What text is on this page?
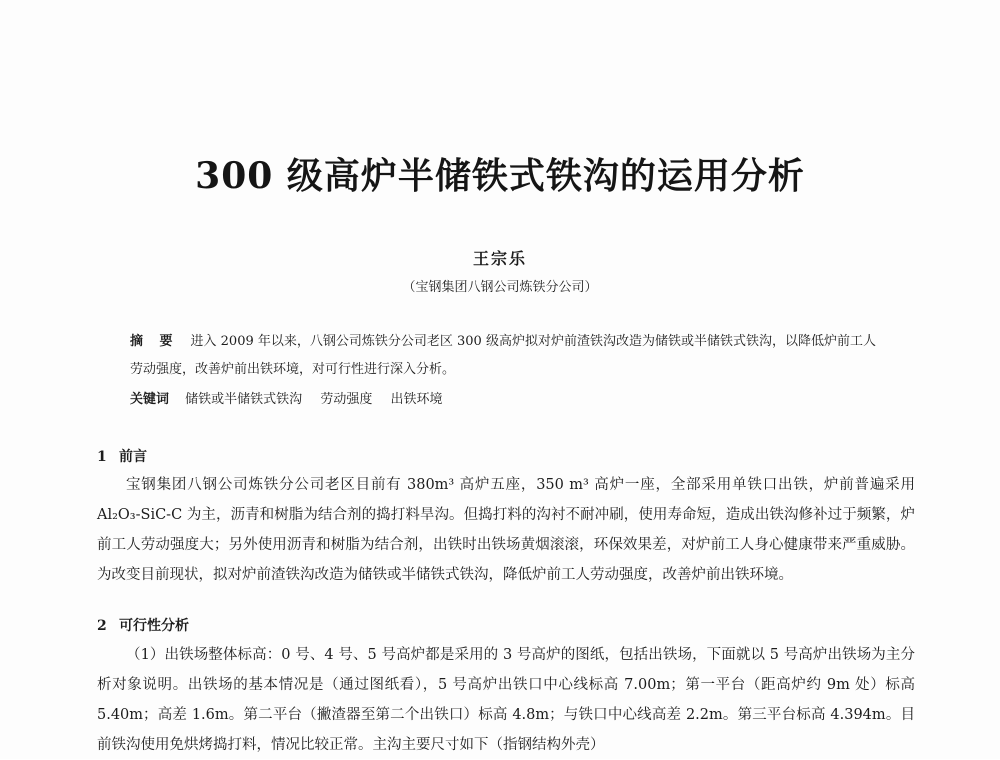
300 级高炉半储铁式铁沟的运用分析
王宗乐
（宝钢集团八钢公司炼铁分公司）
摘 要 进入 2009 年以来，八钢公司炼铁分公司老区 300 级高炉拟对炉前渣铁沟改造为储铁或半储铁式铁沟，以降低炉前工人劳动强度，改善炉前出铁环境，对可行性进行深入分析。
关键词 储铁或半储铁式铁沟 劳动强度 出铁环境
1 前言
宝钢集团八钢公司炼铁分公司老区目前有 380m³ 高炉五座，350 m³ 高炉一座，全部采用单铁口出铁，炉前普遍采用 Al₂O₃-SiC-C 为主，沥青和树脂为结合剂的捣打料旱沟。但捣打料的沟衬不耐冲刷，使用寿命短，造成出铁沟修补过于频繁，炉前工人劳动强度大；另外使用沥青和树脂为结合剂，出铁时出铁场黄烟滚滚，环保效果差，对炉前工人身心健康带来严重威胁。为改变目前现状，拟对炉前渣铁沟改造为储铁或半储铁式铁沟，降低炉前工人劳动强度，改善炉前出铁环境。
2 可行性分析
（1）出铁场整体标高：0 号、4 号、5 号高炉都是采用的 3 号高炉的图纸，包括出铁场，下面就以 5 号高炉出铁场为主分析对象说明。出铁场的基本情况是（通过图纸看），5 号高炉出铁口中心线标高 7.00m；第一平台（距高炉约 9m 处）标高 5.40m；高差 1.6m。第二平台（撇渣器至第二个出铁口）标高 4.8m；与铁口中心线高差 2.2m。第三平台标高 4.394m。目前铁沟使用免烘烤捣打料，情况比较正常。主沟主要尺寸如下（指钢结构外壳）
